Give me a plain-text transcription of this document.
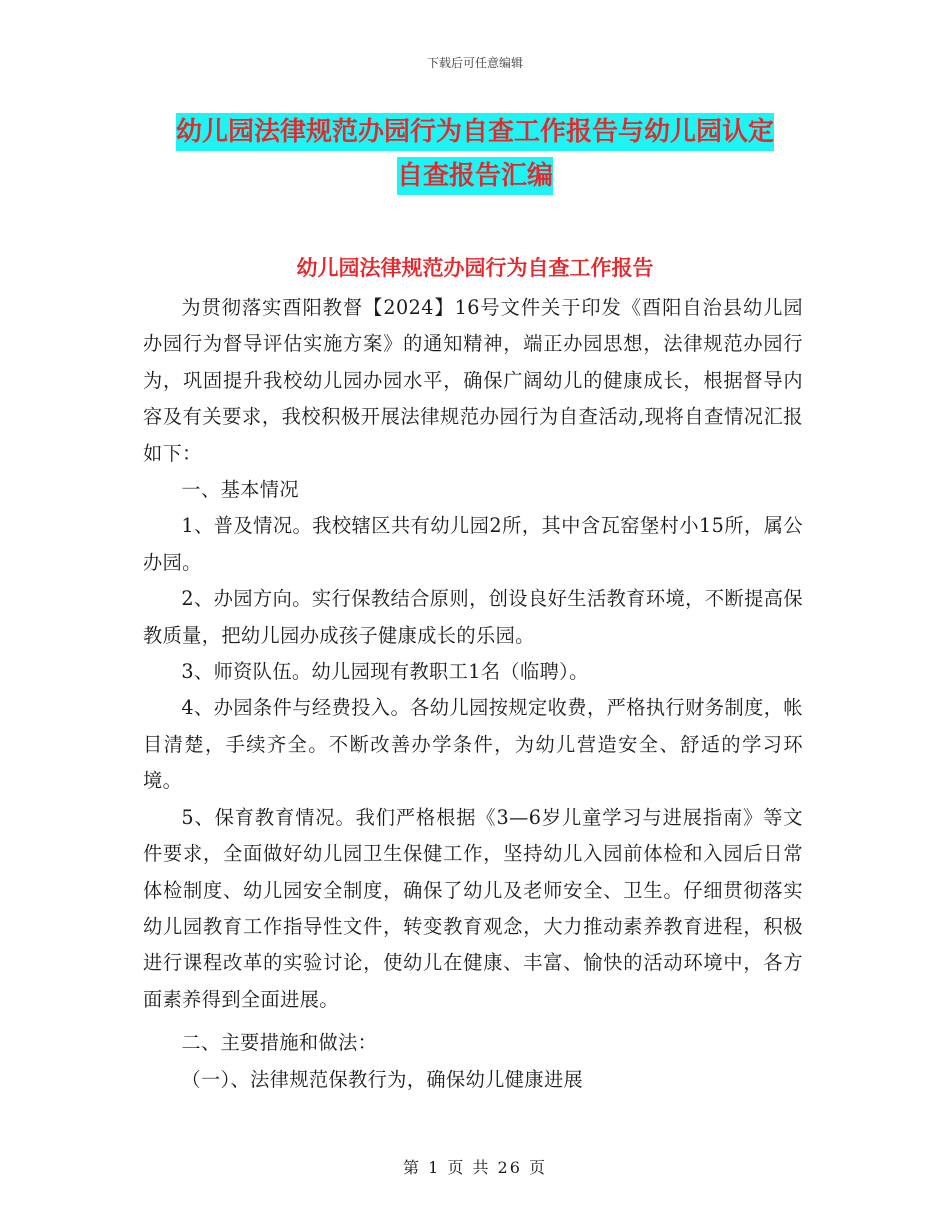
下载后可任意编辑
幼儿园法律规范办园行为自查工作报告与幼儿园认定
自查报告汇编
幼儿园法律规范办园行为自查工作报告

为贯彻落实酉阳教督【2024】16号文件关于印发《酉阳自治县幼儿园办园行为督导评估实施方案》的通知精神，端正办园思想，法律规范办园行为，巩固提升我校幼儿园办园水平，确保广阔幼儿的健康成长，根据督导内容及有关要求，我校积极开展法律规范办园行为自查活动,现将自查情况汇报如下：

一、基本情况

1、普及情况。我校辖区共有幼儿园2所，其中含瓦窑堡村小15所，属公办园。

2、办园方向。实行保教结合原则，创设良好生活教育环境，不断提高保教质量，把幼儿园办成孩子健康成长的乐园。

3、师资队伍。幼儿园现有教职工1名（临聘）。

4、办园条件与经费投入。各幼儿园按规定收费，严格执行财务制度，帐目清楚，手续齐全。不断改善办学条件，为幼儿营造安全、舒适的学习环境。

5、保育教育情况。我们严格根据《3—6岁儿童学习与进展指南》等文件要求，全面做好幼儿园卫生保健工作，坚持幼儿入园前体检和入园后日常体检制度、幼儿园安全制度，确保了幼儿及老师安全、卫生。仔细贯彻落实幼儿园教育工作指导性文件，转变教育观念，大力推动素养教育进程，积极进行课程改革的实验讨论，使幼儿在健康、丰富、愉快的活动环境中，各方面素养得到全面进展。

二、主要措施和做法：

（一）、法律规范保教行为，确保幼儿健康进展

第 1 页 共 26 页
